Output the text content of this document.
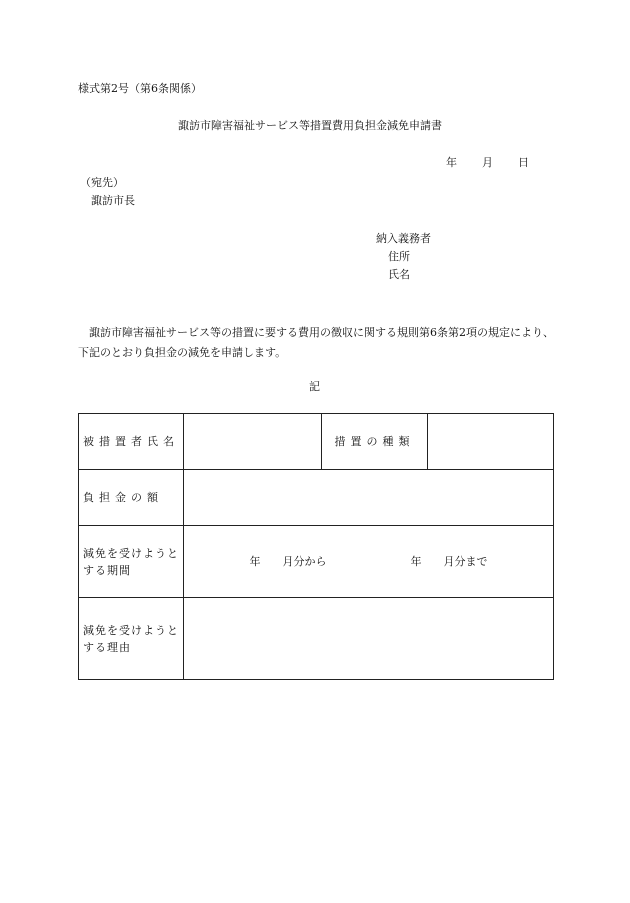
様式第2号（第6条関係）
諏訪市障害福祉サービス等措置費用負担金減免申請書
年 月 日
（宛先）
諏訪市長
納入義務者
住所
氏名
諏訪市障害福祉サービス等の措置に要する費用の徴収に関する規則第6条第2項の規定により、下記のとおり負担金の減免を申請します。
記
被措置者氏名		措置の種類	
負担金の額			
減免を受けようとする期間	年　　月分から 年　　月分まで		

減免を受けようとする理由			
